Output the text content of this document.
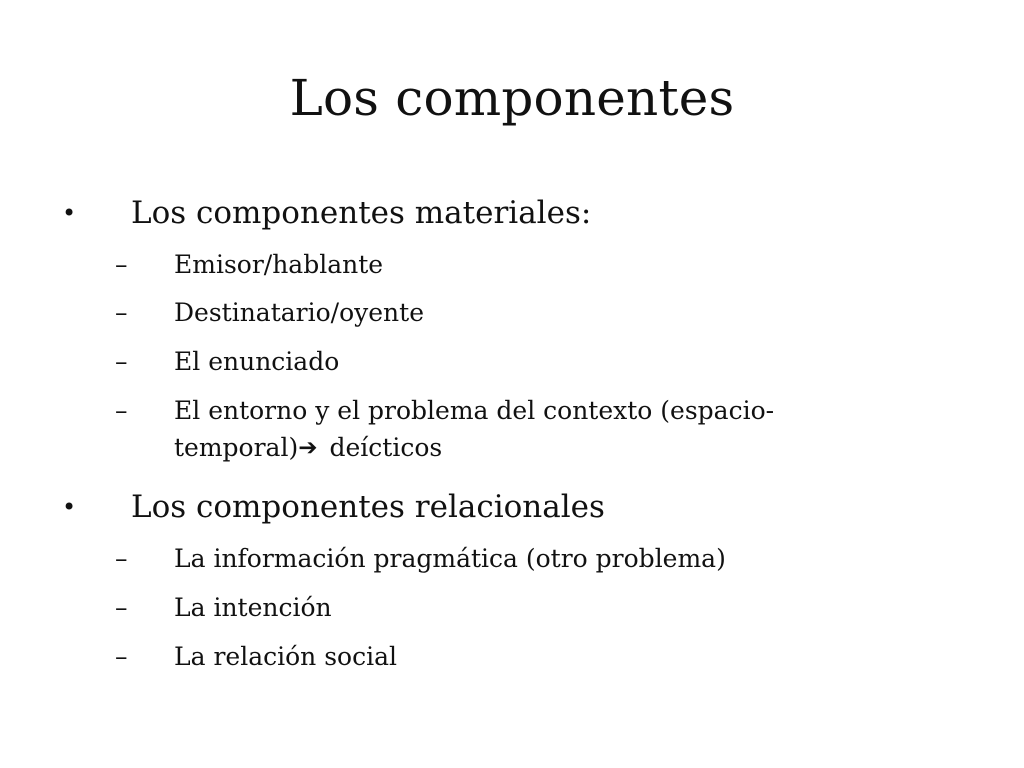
Los componentes
• Los componentes materiales:
– Emisor/hablante
– Destinatario/oyente
– El enunciado
– El entorno y el problema del contexto (espacio-
temporal)➔ deícticos
• Los componentes relacionales
– La información pragmática (otro problema)
– La intención
– La relación social
